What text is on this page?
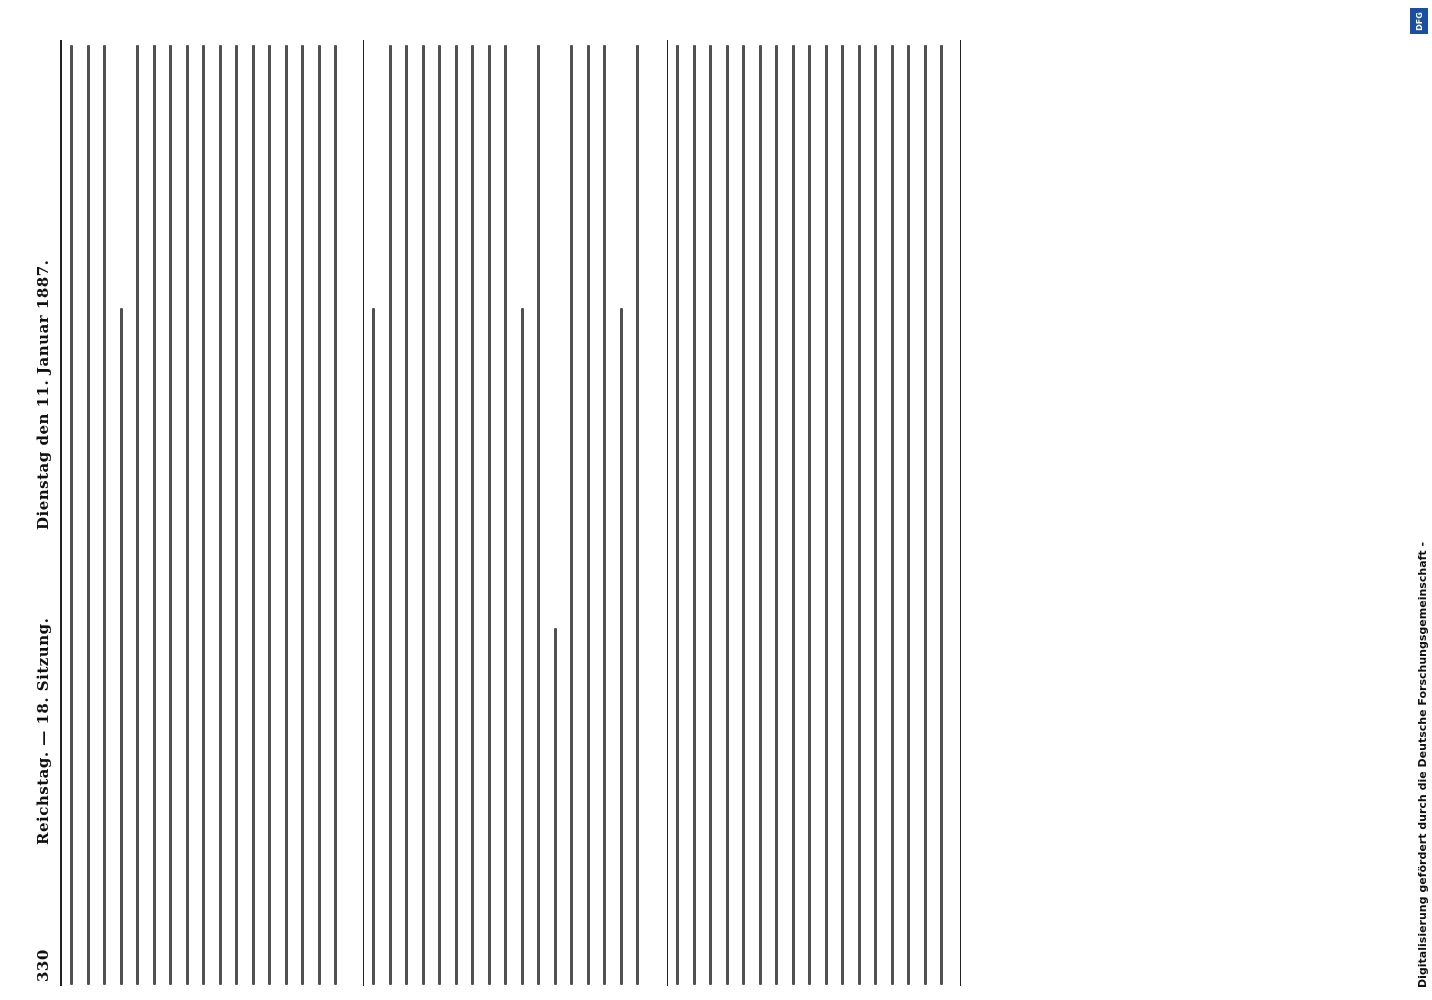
330
Reichstag. — 18. Sitzung.
Dienstag den 11. Januar 1887.
Digitalisierung gefördert durch die Deutsche Forschungsgemeinschaft -
DFG
